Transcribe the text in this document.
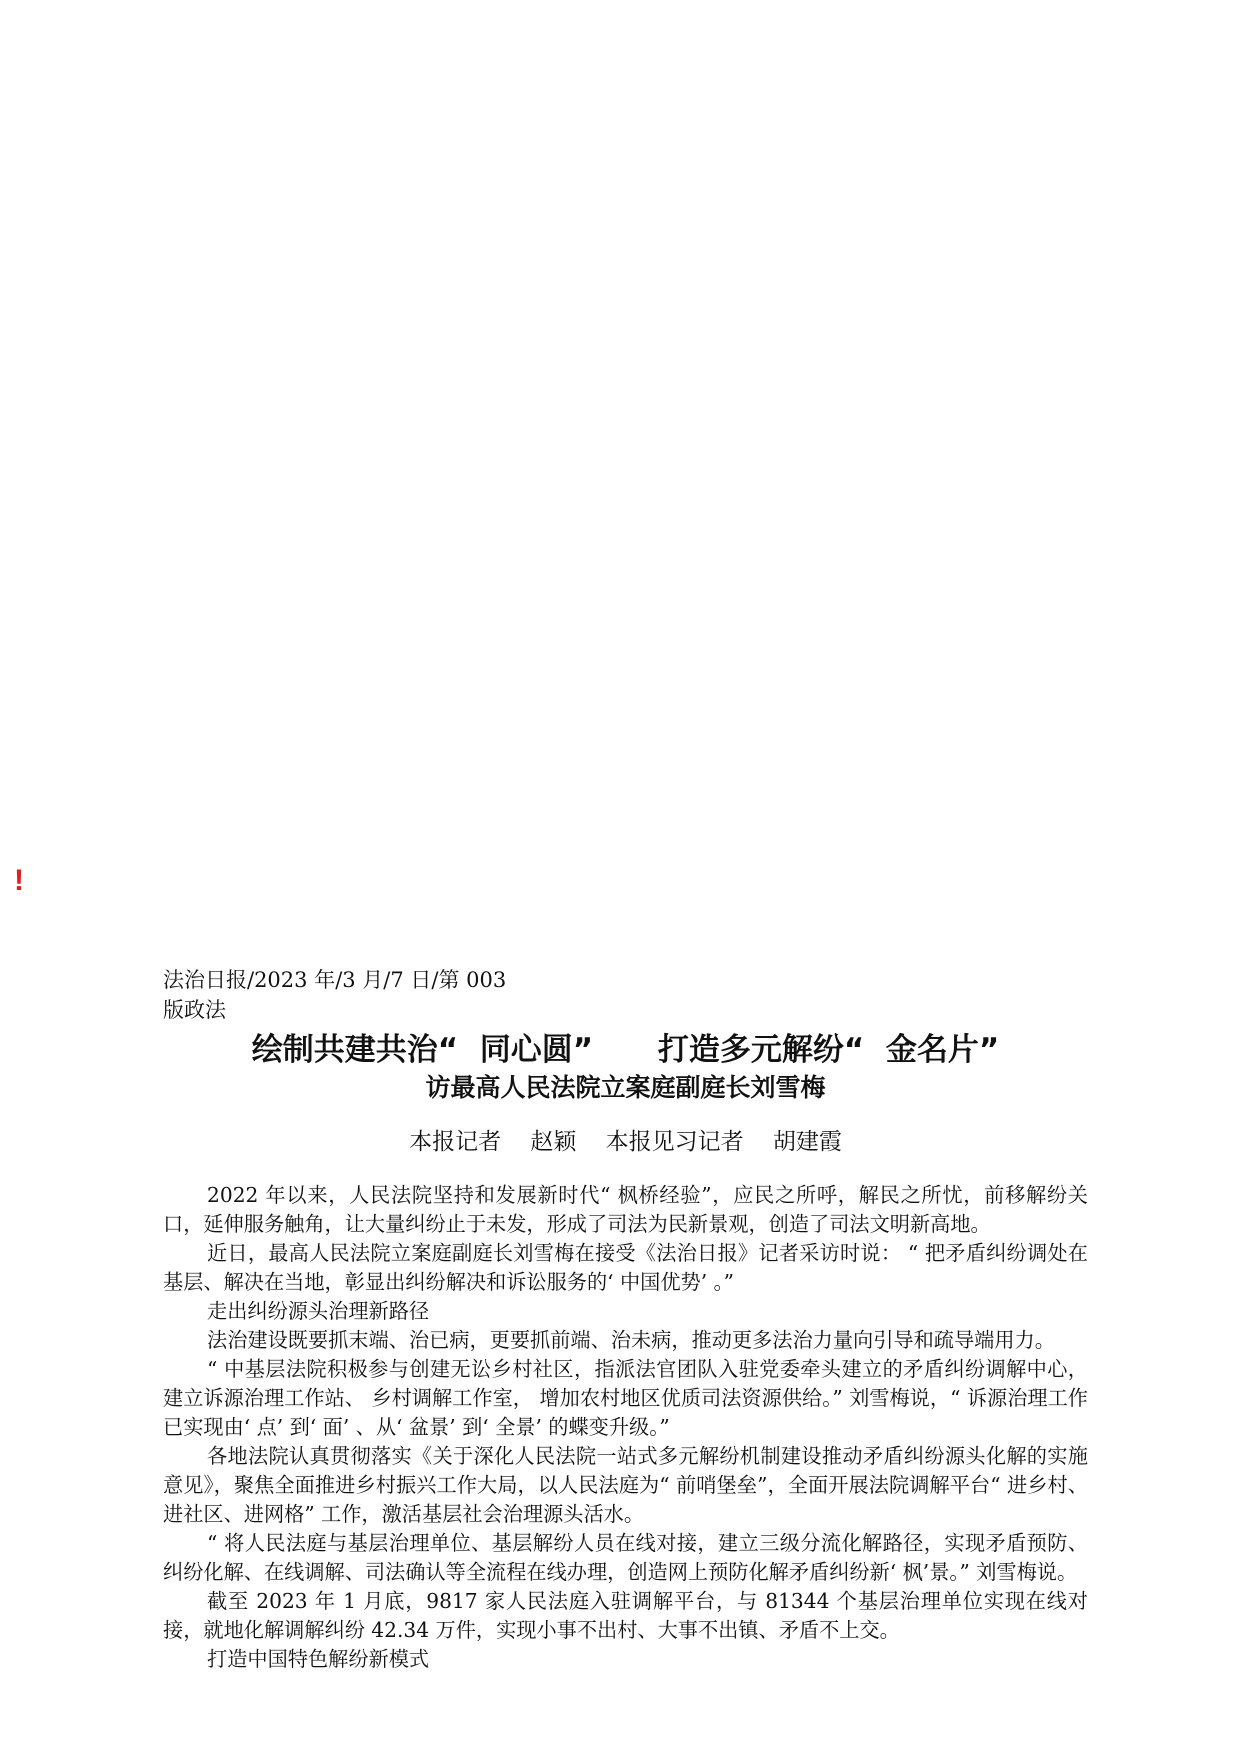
!
法治日报/2023 年/3 月/7 日/第 003
版政法
绘制共建共治“  同心圆”      打造多元解纷“  金名片”
访最高人民法院立案庭副庭长刘雪梅
本报记者    赵颖    本报见习记者    胡建霞

2022 年以来，人民法院坚持和发展新时代“ 枫桥经验”，应民之所呼，解民之所忧，前移解纷关口，延伸服务触角，让大量纠纷止于未发，形成了司法为民新景观，创造了司法文明新高地。

近日，最高人民法院立案庭副庭长刘雪梅在接受《法治日报》记者采访时说： “ 把矛盾纠纷调处在基层、解决在当地，彰显出纠纷解决和诉讼服务的‘ 中国优势’ 。”

走出纠纷源头治理新路径

法治建设既要抓末端、治已病，更要抓前端、治未病，推动更多法治力量向引导和疏导端用力。

“ 中基层法院积极参与创建无讼乡村社区，指派法官团队入驻党委牵头建立的矛盾纠纷调解中心， 建立诉源治理工作站、 乡村调解工作室， 增加农村地区优质司法资源供给。” 刘雪梅说，“ 诉源治理工作已实现由‘ 点’ 到‘ 面’ 、从‘ 盆景’ 到‘ 全景’ 的蝶变升级。”

各地法院认真贯彻落实《关于深化人民法院一站式多元解纷机制建设推动矛盾纠纷源头化解的实施意见》，聚焦全面推进乡村振兴工作大局，以人民法庭为“ 前哨堡垒”，全面开展法院调解平台“ 进乡村、进社区、进网格” 工作，激活基层社会治理源头活水。

“ 将人民法庭与基层治理单位、基层解纷人员在线对接，建立三级分流化解路径，实现矛盾预防、纠纷化解、在线调解、司法确认等全流程在线办理，创造网上预防化解矛盾纠纷新‘ 枫’景。” 刘雪梅说。

截至 2023 年 1 月底，9817 家人民法庭入驻调解平台，与 81344 个基层治理单位实现在线对接，就地化解调解纠纷 42.34 万件，实现小事不出村、大事不出镇、矛盾不上交。

打造中国特色解纷新模式
